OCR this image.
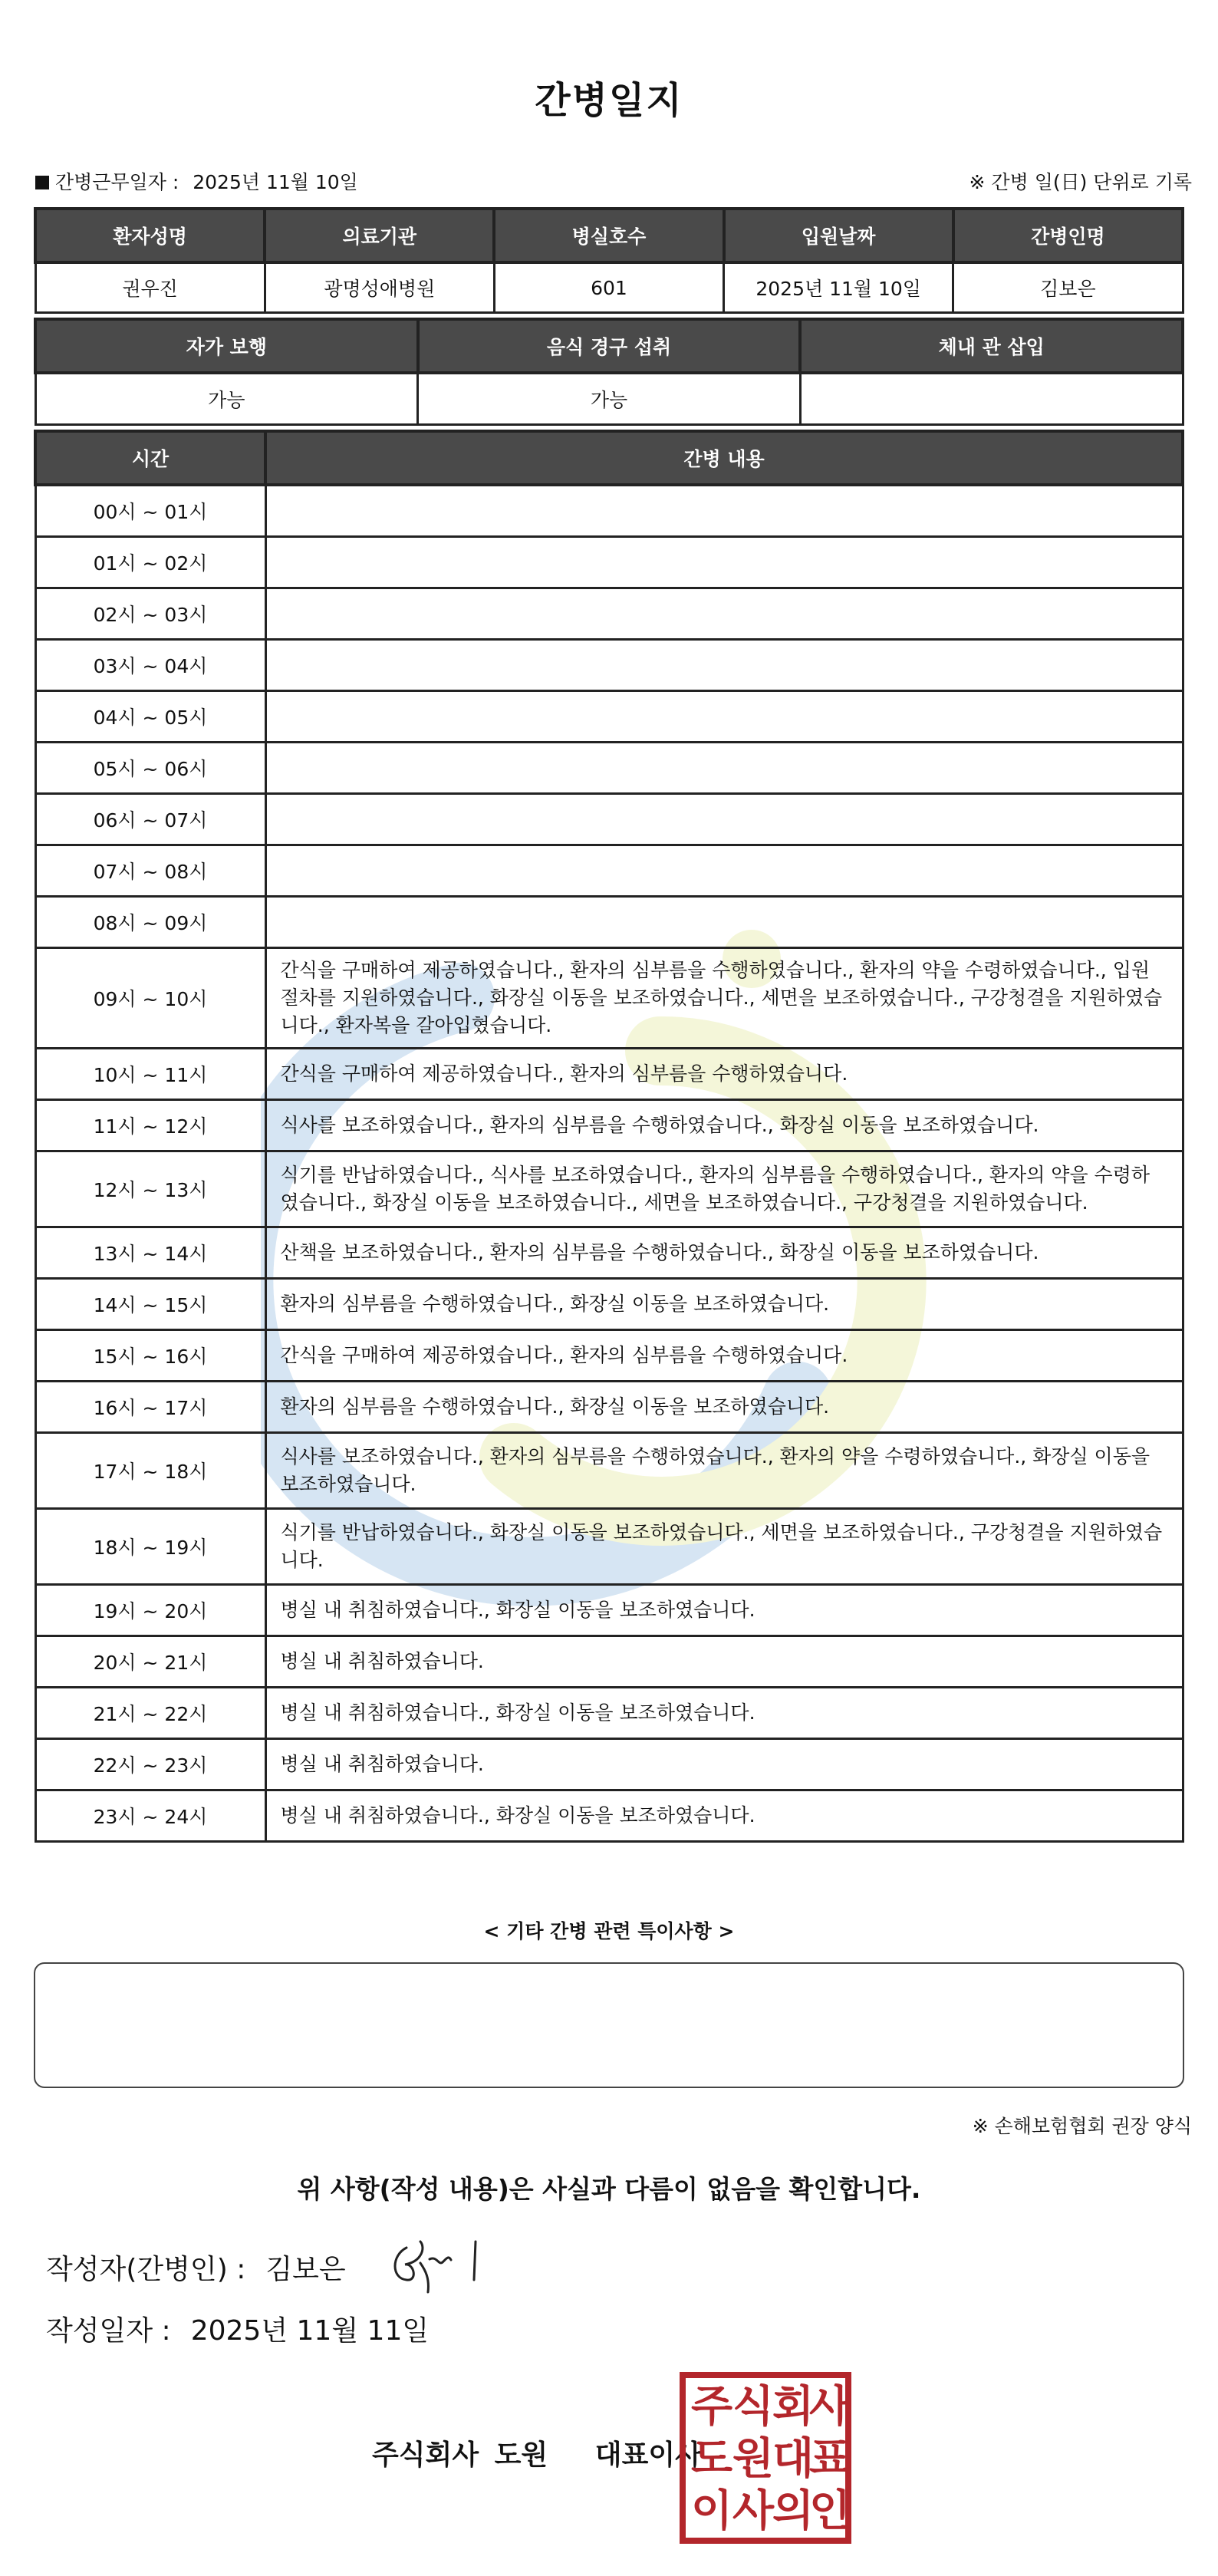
간병일지
간병근무일자 : 2025년 11월 10일	※ 간병 일(日) 단위로 기록
환자성명	의료기관	병실호수	입원날짜	간병인명
권우진	광명성애병원	601	2025년 11월 10일	김보은
자가 보행	음식 경구 섭취	체내 관 삽입
가능	가능	
시간	간병 내용
00시 ~ 01시	
01시 ~ 02시	
02시 ~ 03시	
03시 ~ 04시	
04시 ~ 05시	
05시 ~ 06시	
06시 ~ 07시	
07시 ~ 08시	
08시 ~ 09시	
09시 ~ 10시	간식을 구매하여 제공하였습니다., 환자의 심부름을 수행하였습니다., 환자의 약을 수령하였습니다., 입원절차를 지원하였습니다., 화장실 이동을 보조하였습니다., 세면을 보조하였습니다., 구강청결을 지원하였습니다., 환자복을 갈아입혔습니다.
10시 ~ 11시	간식을 구매하여 제공하였습니다., 환자의 심부름을 수행하였습니다.
11시 ~ 12시	식사를 보조하였습니다., 환자의 심부름을 수행하였습니다., 화장실 이동을 보조하였습니다.
12시 ~ 13시	식기를 반납하였습니다., 식사를 보조하였습니다., 환자의 심부름을 수행하였습니다., 환자의 약을 수령하였습니다., 화장실 이동을 보조하였습니다., 세면을 보조하였습니다., 구강청결을 지원하였습니다.
13시 ~ 14시	산책을 보조하였습니다., 환자의 심부름을 수행하였습니다., 화장실 이동을 보조하였습니다.
14시 ~ 15시	환자의 심부름을 수행하였습니다., 화장실 이동을 보조하였습니다.
15시 ~ 16시	간식을 구매하여 제공하였습니다., 환자의 심부름을 수행하였습니다.
16시 ~ 17시	환자의 심부름을 수행하였습니다., 화장실 이동을 보조하였습니다.
17시 ~ 18시	식사를 보조하였습니다., 환자의 심부름을 수행하였습니다., 환자의 약을 수령하였습니다., 화장실 이동을 보조하였습니다.
18시 ~ 19시	식기를 반납하였습니다., 화장실 이동을 보조하였습니다., 세면을 보조하였습니다., 구강청결을 지원하였습니다.
19시 ~ 20시	병실 내 취침하였습니다., 화장실 이동을 보조하였습니다.
20시 ~ 21시	병실 내 취침하였습니다.
21시 ~ 22시	병실 내 취침하였습니다., 화장실 이동을 보조하였습니다.
22시 ~ 23시	병실 내 취침하였습니다.
23시 ~ 24시	병실 내 취침하였습니다., 화장실 이동을 보조하였습니다.
< 기타 간병 관련 특이사항 >
※ 손해보험협회 권장 양식
위 사항(작성 내용)은 사실과 다름이 없음을 확인합니다.
작성자(간병인) : 김보은
작성일자 : 2025년 11월 11일
주식회사 도원   대표이사
주 식
회
사
도 원
대
표
이 사
의
인
